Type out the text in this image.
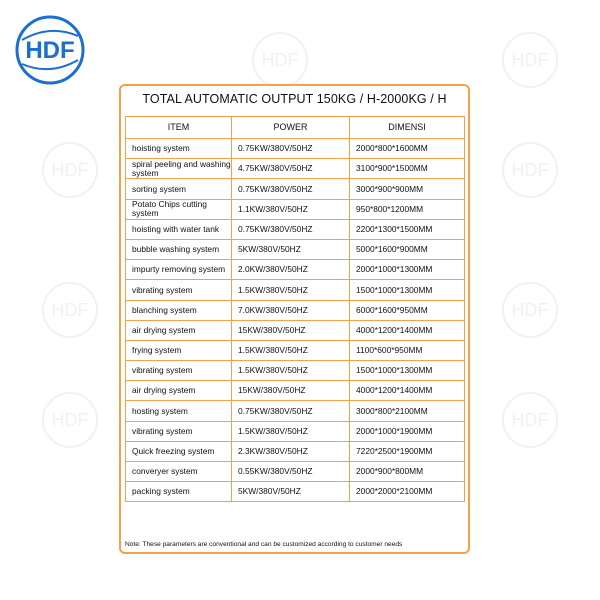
HDF
HDF
HDF
HDF
HDF
HDF
HDF
HDF
HDF
TOTAL AUTOMATIC OUTPUT 150KG / H-2000KG / H
ITEM	POWER	DIMENSI
hoisting system	0.75KW/380V/50HZ	2000*800*1600MM
spiral peeling and washing system	4.75KW/380V/50HZ	3100*900*1500MM
sorting system	0.75KW/380V/50HZ	3000*900*900MM
Potato Chips cutting system	1.1KW/380V/50HZ	950*800*1200MM
hoisting with water tank	0.75KW/380V/50HZ	2200*1300*1500MM
bubble washing system	5KW/380V/50HZ	5000*1600*900MM
impurty removing system	2.0KW/380V/50HZ	2000*1000*1300MM
vibrating system	1.5KW/380V/50HZ	1500*1000*1300MM
blanching system	7.0KW/380V/50HZ	6000*1600*950MM
air drying system	15KW/380V/50HZ	4000*1200*1400MM
frying system	1.5KW/380V/50HZ	1100*600*950MM
vibrating system	1.5KW/380V/50HZ	1500*1000*1300MM
air drying system	15KW/380V/50HZ	4000*1200*1400MM
hosting system	0.75KW/380V/50HZ	3000*800*2100MM
vibrating system	1.5KW/380V/50HZ	2000*1000*1900MM
Quick freezing system	2.3KW/380V/50HZ	7220*2500*1900MM
converyer system	0.55KW/380V/50HZ	2000*900*800MM
packing system	5KW/380V/50HZ	2000*2000*2100MM
Note: These parameters are conventional and can be customized according to customer needs
